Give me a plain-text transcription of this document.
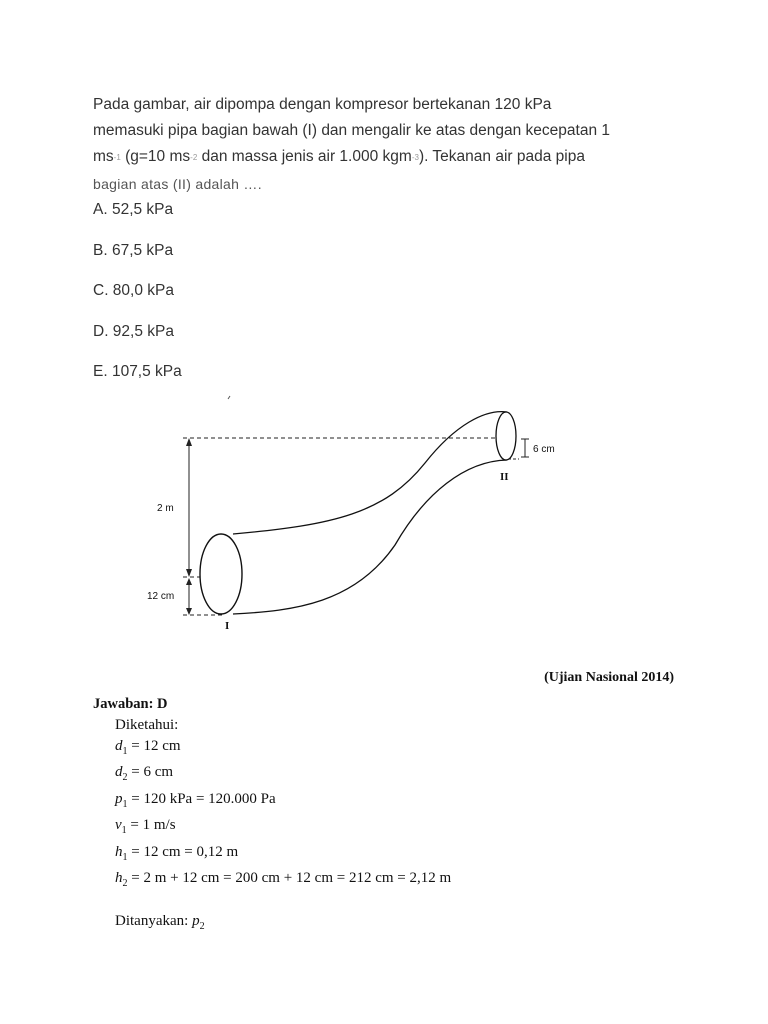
Pada gambar, air dipompa dengan kompresor bertekanan 120 kPa
memasuki pipa bagian bawah (I) dan mengalir ke atas dengan kecepatan 1
$ms^{-1}$ (g=10 $ms^{-2}$ dan massa jenis air 1.000 kgm$^{-3}$). Tekanan air pada pipa
bagian atas (II) adalah ….
A. 52,5 kPa
B. 67,5 kPa
C. 80,0 kPa
D. 92,5 kPa
E. 107,5 kPa
2 m
12 cm
6 cm
I
II
(Ujian Nasional 2014)
Jawaban: D
Diketahui:
$d_1 = 12$ cm
$d_2 = 6$ cm
$p_1 = 120$ kPa = 120.000 Pa
$v_1 = 1$ m/s
$h_1 = 12$ cm = 0,12 m
$h_2 = 2$ m + 12 cm = 200 cm + 12 cm = 212 cm = 2,12 m
Ditanyakan: $p_2$
